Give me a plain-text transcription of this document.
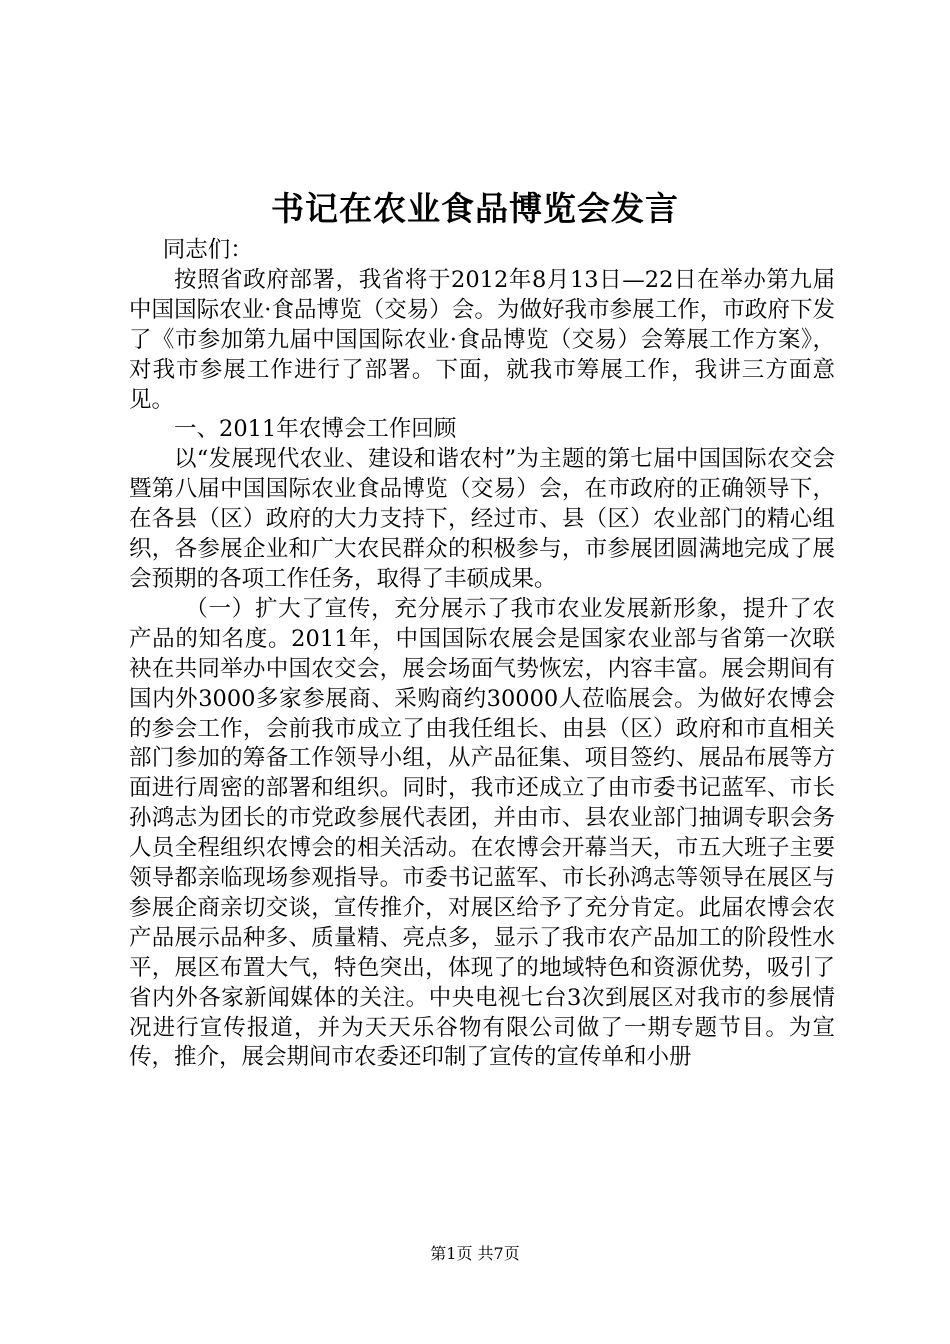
书记在农业食品博览会发言

同志们：

按照省政府部署，我省将于2012年8月13日—22日在举办第九届中国国际农业·食品博览（交易）会。为做好我市参展工作，市政府下发了《市参加第九届中国国际农业·食品博览（交易）会筹展工作方案》，对我市参展工作进行了部署。下面，就我市筹展工作，我讲三方面意见。

一、2011年农博会工作回顾

以“发展现代农业、建设和谐农村”为主题的第七届中国国际农交会暨第八届中国国际农业食品博览（交易）会，在市政府的正确领导下，在各县（区）政府的大力支持下，经过市、县（区）农业部门的精心组织，各参展企业和广大农民群众的积极参与，市参展团圆满地完成了展会预期的各项工作任务，取得了丰硕成果。

（一）扩大了宣传，充分展示了我市农业发展新形象，提升了农产品的知名度。2011年，中国国际农展会是国家农业部与省第一次联袂在共同举办中国农交会，展会场面气势恢宏，内容丰富。展会期间有国内外3000多家参展商、采购商约30000人莅临展会。为做好农博会的参会工作，会前我市成立了由我任组长、由县（区）政府和市直相关部门参加的筹备工作领导小组，从产品征集、项目签约、展品布展等方面进行周密的部署和组织。同时，我市还成立了由市委书记蓝军、市长孙鸿志为团长的市党政参展代表团，并由市、县农业部门抽调专职会务人员全程组织农博会的相关活动。在农博会开幕当天，市五大班子主要领导都亲临现场参观指导。市委书记蓝军、市长孙鸿志等领导在展区与参展企商亲切交谈，宣传推介，对展区给予了充分肯定。此届农博会农产品展示品种多、质量精、亮点多，显示了我市农产品加工的阶段性水平，展区布置大气，特色突出，体现了的地域特色和资源优势，吸引了省内外各家新闻媒体的关注。中央电视七台3次到展区对我市的参展情况进行宣传报道，并为天天乐谷物有限公司做了一期专题节目。为宣传，推介，展会期间市农委还印制了宣传的宣传单和小册

第1页 共7页
